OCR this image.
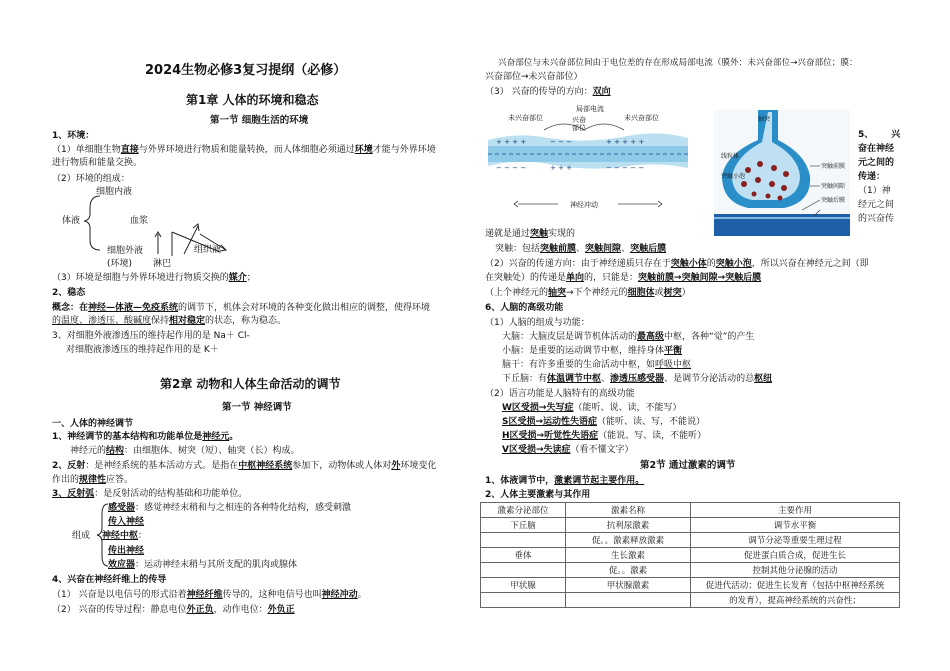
2024生物必修3复习提纲（必修）
第1章 人体的环境和稳态
第一节 细胞生活的环境
1、环境：
（1）单细胞生物直接与外界环境进行物质和能量转换，而人体细胞必须通过环境才能与外界环境
进行物质和能量交换。
（2）环境的组成：
细胞内液
体液	血浆
细胞外液
(环境) 淋巴
组织液
（3）环境是细胞与外界环境进行物质交换的媒介；
2、稳态
概念：在神经—体液—免疫系统的调节下，机体会对环境的各种变化做出相应的调整，使得环境
的温度、渗透压、酸碱度保持相对稳定的状态，称为稳态。
3、对细胞外液渗透压的维持起作用的是 Na＋ Cl-
对细胞液渗透压的维持起作用的是 K＋
第2章 动物和人体生命活动的调节
第一节 神经调节
一、人体的神经调节
1、神经调节的基本结构和功能单位是神经元。
神经元的结构：由细胞体、树突（短）、轴突（长）构成。
2、反射：是神经系统的基本活动方式。是指在中枢神经系统参加下，动物体或人体对外环境变化
作出的规律性应答。
3、反射弧：是反射活动的结构基础和功能单位。
感受器：感觉神经末稍和与之相连的各种特化结构，感受刺激
传入神经
组成 神经中枢：
传出神经
效应器：运动神经末稍与其所支配的肌肉或腺体
4、兴奋在神经纤维上的传导
（1） 兴奋是以电信号的形式沿着神经纤维传导的，这种电信号也叫神经冲动。
（2） 兴奋的传导过程：静息电位外正负，动作电位：外负正
兴奋部位与未兴奋部位间由于电位差的存在形成局部电流（膜外：未兴奋部位→兴奋部位；膜：
兴奋部位→未兴奋部位）
（3） 兴奋的传导的方向：双向
+ + + +	− − −	+ + + + +
− − − −	+ + +	− − − − −
局部电流
未兴奋部位	兴奋
部位
未兴奋部位
神经冲动
轴突
线粒体
突触小泡
突触前膜
突触间隙
突触后膜
5、 兴
奋在神经
元之间的
传递：
（1）神
经元之间
的兴奋传
递就是通过突触实现的
突触：包括突触前膜、突触间隙、突触后膜
（2）兴奋的传递方向：由于神经递质只存在于突触小体的突触小泡，所以兴奋在神经元之间（即
在突触处）的传递是单向的，只能是：突触前膜→突触间隙→突触后膜
（上个神经元的轴突→下个神经元的细胞体或树突）
6、人脑的高级功能
（1）人脑的组成与功能：
大脑：大脑皮层是调节机体活动的最高级中枢，各种“觉”的产生
小脑：是重要的运动调节中枢，维持身体平衡
脑干：有许多重要的生命活动中枢，如呼吸中枢
下丘脑：有体温调节中枢、渗透压感受器、是调节分泌活动的总枢纽
（2）语言功能是人脑特有的高级功能
W区受损→失写症（能听、说、读，不能写）
S区受损→运动性失语症（能听、读、写，不能说）
H区受损→听觉性失语症（能说、写、读，不能听）
V区受损→失读症（看不懂文字）
第2节 通过激素的调节
1、体液调节中，激素调节起主要作用。
2、人体主要激素与其作用
激素分泌部位	激素名称	主要作用
下丘脑	抗利尿激素	调节水平衡
	促。。激素释放激素	调节分泌等重要生理过程
垂体	生长激素	促进蛋白质合成，促进生长
	促。。激素	控制其他分泌腺的活动
甲状腺	甲状腺激素	促进代活动；促进生长发育（包括中枢神经系统
		的发育），提高神经系统的兴奋性；
